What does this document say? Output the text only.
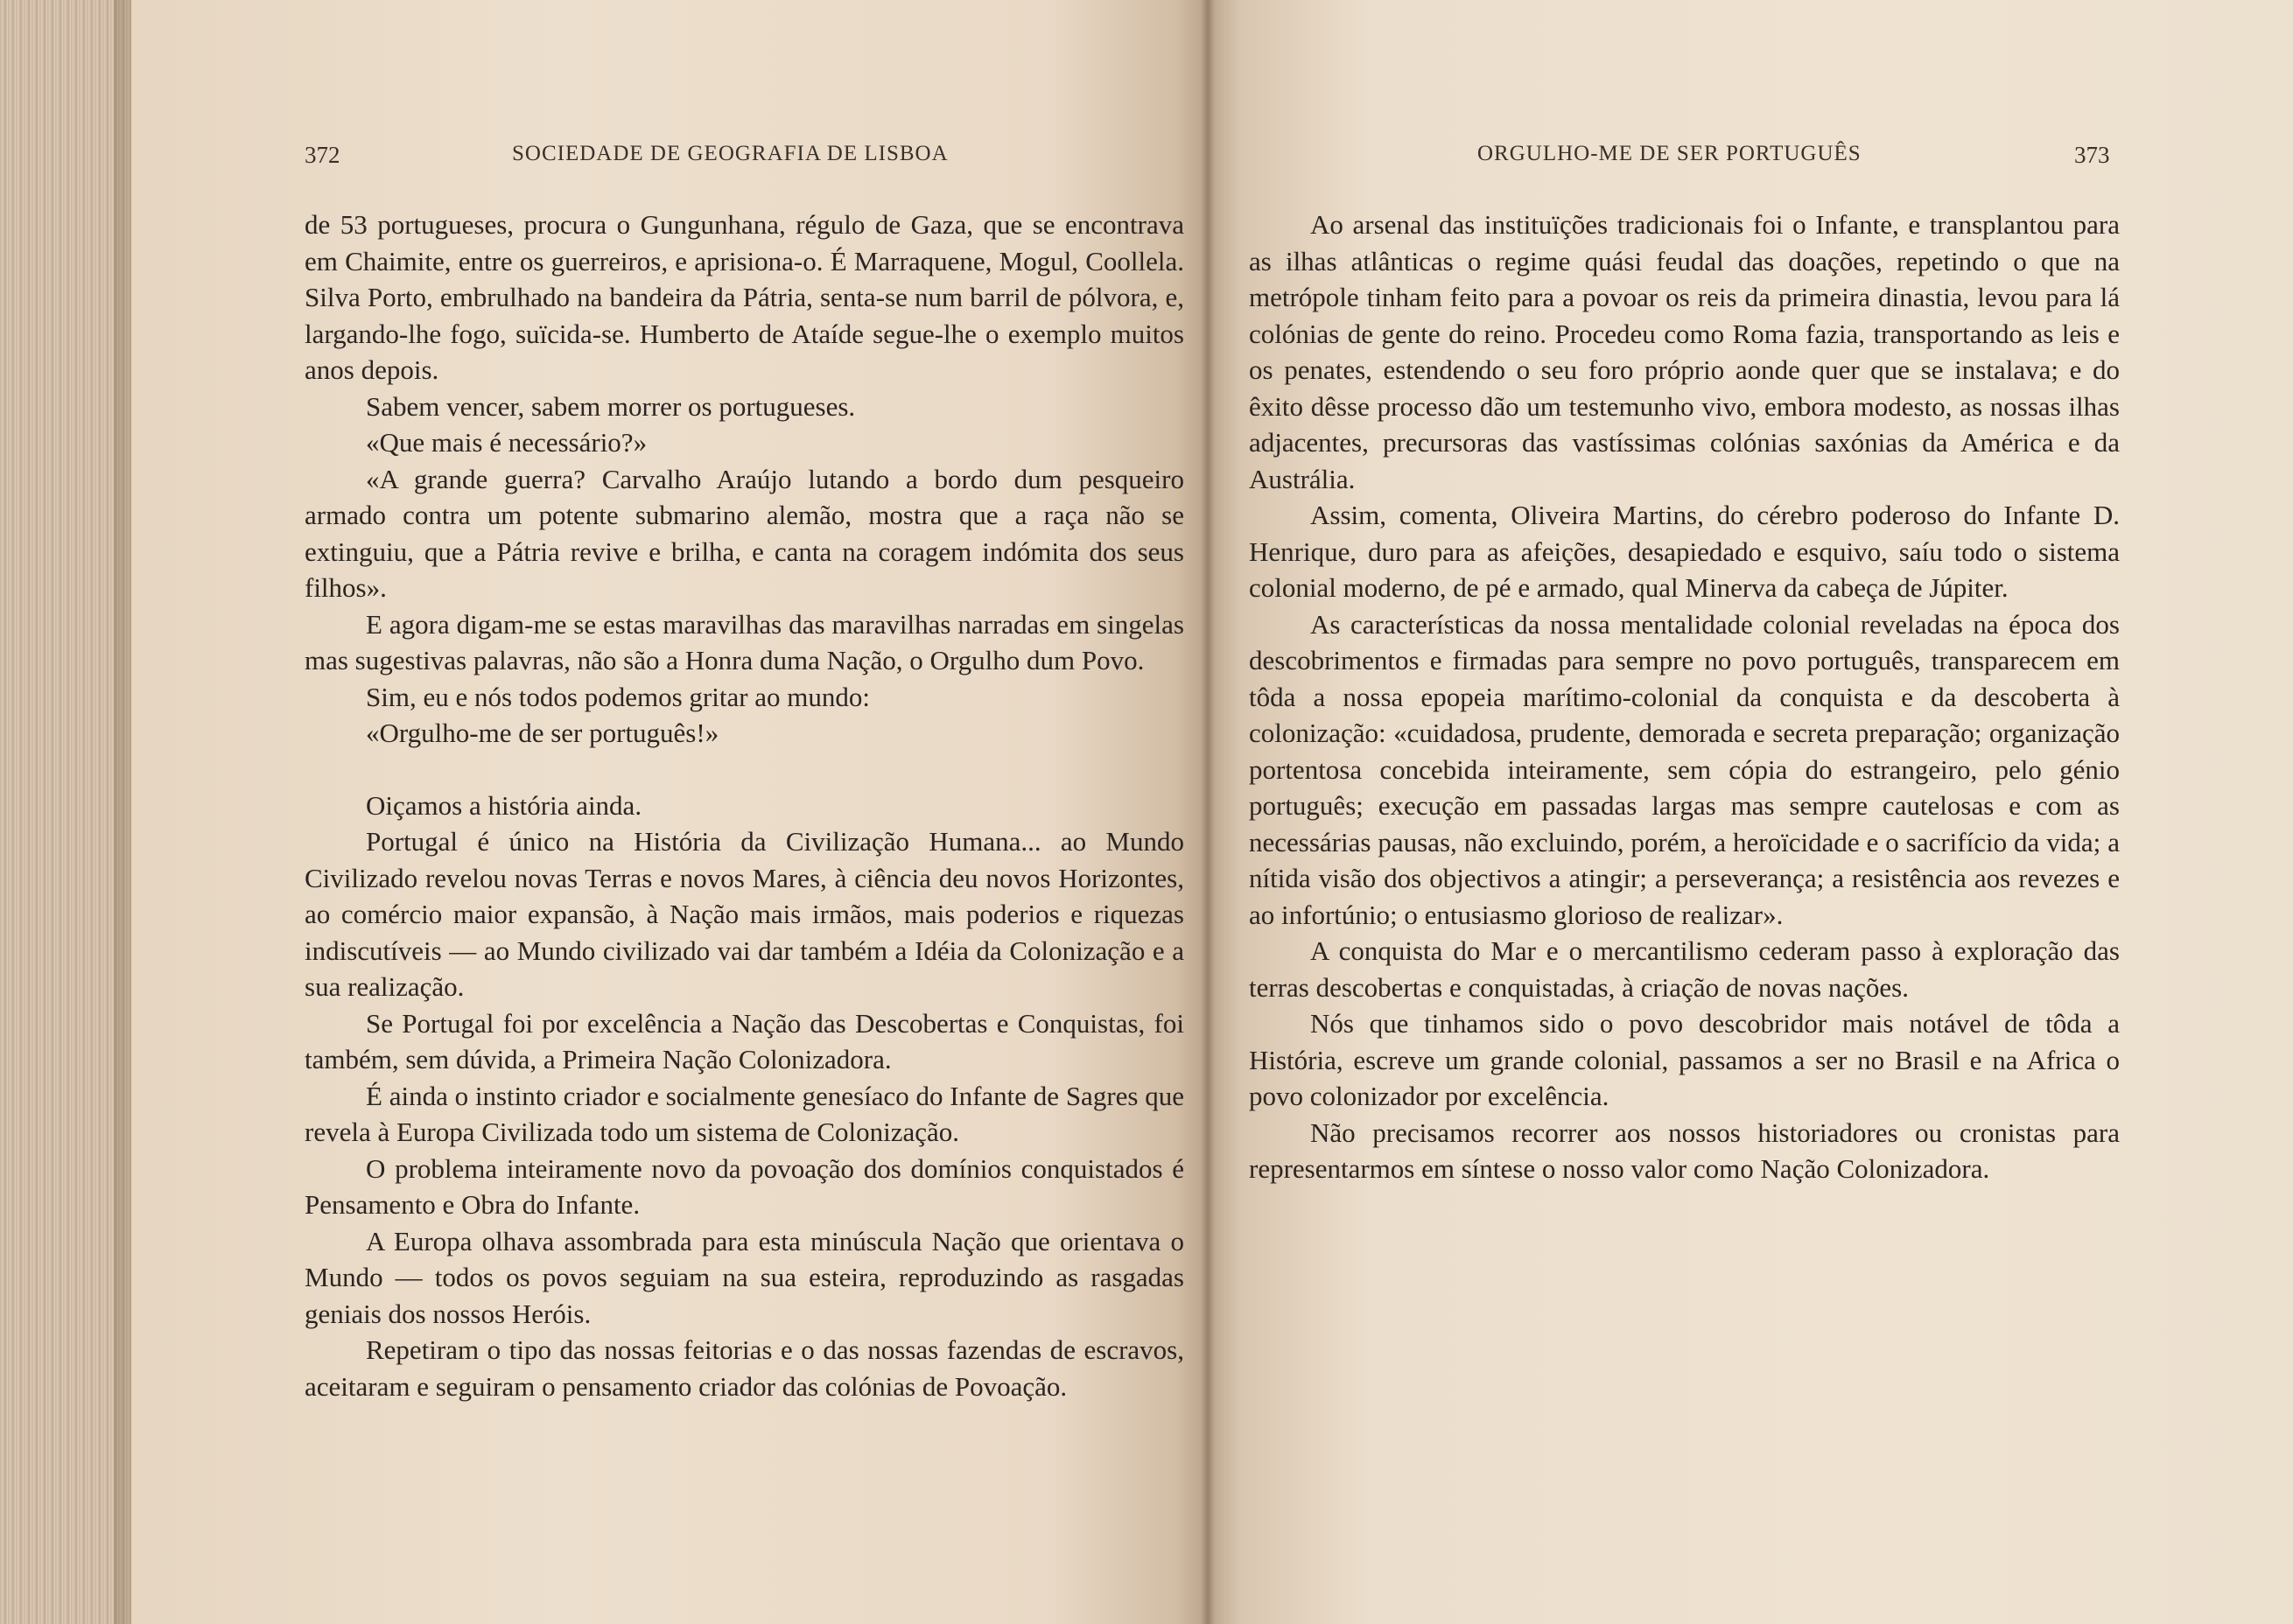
372	SOCIEDADE DE GEOGRAFIA DE LISBOA	ORGULHO-ME DE SER PORTUGUÊS	373

de 53 portugueses, procura o Gungunhana, régulo de Gaza, que se encontrava em Chaimite, entre os guerreiros, e aprisiona-o. É Marraquene, Mogul, Coollela. Silva Porto, embrulhado na bandeira da Pátria, senta-se num barril de pólvora, e, largando-lhe fogo, suïcida-se. Humberto de Ataíde segue-lhe o exemplo muitos anos depois.

Sabem vencer, sabem morrer os portugueses.

«Que mais é necessário?»

«A grande guerra? Carvalho Araújo lutando a bordo dum pesqueiro armado contra um potente submarino alemão, mostra que a raça não se extinguiu, que a Pátria revive e brilha, e canta na coragem indómita dos seus filhos».

E agora digam-me se estas maravilhas das maravilhas narradas em singelas mas sugestivas palavras, não são a Honra duma Nação, o Orgulho dum Povo.

Sim, eu e nós todos podemos gritar ao mundo:

«Orgulho-me de ser português!»

Oiçamos a história ainda.

Portugal é único na História da Civilização Humana... ao Mundo Civilizado revelou novas Terras e novos Mares, à ciência deu novos Horizontes, ao comércio maior expansão, à Nação mais irmãos, mais poderios e riquezas indiscutíveis — ao Mundo civilizado vai dar também a Idéia da Colonização e a sua realização.

Se Portugal foi por excelência a Nação das Descobertas e Conquistas, foi também, sem dúvida, a Primeira Nação Colonizadora.

É ainda o instinto criador e socialmente genesíaco do Infante de Sagres que revela à Europa Civilizada todo um sistema de Colonização.

O problema inteiramente novo da povoação dos domínios conquistados é Pensamento e Obra do Infante.

A Europa olhava assombrada para esta minúscula Nação que orientava o Mundo — todos os povos seguiam na sua esteira, reproduzindo as rasgadas geniais dos nossos Heróis.

Repetiram o tipo das nossas feitorias e o das nossas fazendas de escravos, aceitaram e seguiram o pensamento criador das colónias de Povoação.

Ao arsenal das instituïções tradicionais foi o Infante, e transplantou para as ilhas atlânticas o regime quási feudal das doações, repetindo o que na metrópole tinham feito para a povoar os reis da primeira dinastia, levou para lá colónias de gente do reino. Procedeu como Roma fazia, transportando as leis e os penates, estendendo o seu foro próprio aonde quer que se instalava; e do êxito dêsse processo dão um testemunho vivo, embora modesto, as nossas ilhas adjacentes, precursoras das vastíssimas colónias saxónias da América e da Austrália.

Assim, comenta, Oliveira Martins, do cérebro poderoso do Infante D. Henrique, duro para as afeições, desapiedado e esquivo, saíu todo o sistema colonial moderno, de pé e armado, qual Minerva da cabeça de Júpiter.

As características da nossa mentalidade colonial reveladas na época dos descobrimentos e firmadas para sempre no povo português, transparecem em tôda a nossa epopeia marítimo-colonial da conquista e da descoberta à colonização: «cuidadosa, prudente, demorada e secreta preparação; organização portentosa concebida inteiramente, sem cópia do estrangeiro, pelo génio português; execução em passadas largas mas sempre cautelosas e com as necessárias pausas, não excluindo, porém, a heroïcidade e o sacrifício da vida; a nítida visão dos objectivos a atingir; a perseverança; a resistência aos revezes e ao infortúnio; o entusiasmo glorioso de realizar».

A conquista do Mar e o mercantilismo cederam passo à exploração das terras descobertas e conquistadas, à criação de novas nações.

Nós que tinhamos sido o povo descobridor mais notável de tôda a História, escreve um grande colonial, passamos a ser no Brasil e na Africa o povo colonizador por excelência.

Não precisamos recorrer aos nossos historiadores ou cronistas para representarmos em síntese o nosso valor como Nação Colonizadora.
